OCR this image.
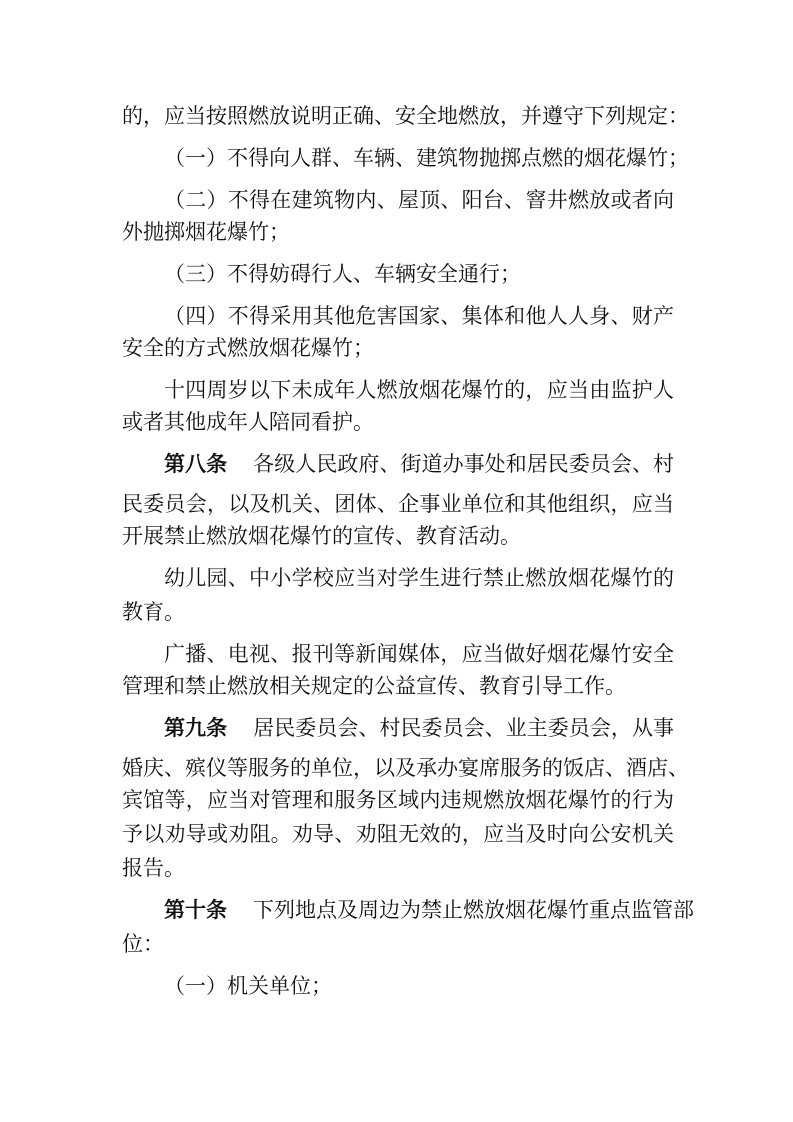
的，应当按照燃放说明正确、安全地燃放，并遵守下列规定：
（一）不得向人群、车辆、建筑物抛掷点燃的烟花爆竹；
（二）不得在建筑物内、屋顶、阳台、窨井燃放或者向
外抛掷烟花爆竹；
（三）不得妨碍行人、车辆安全通行；
（四）不得采用其他危害国家、集体和他人人身、财产
安全的方式燃放烟花爆竹；
十四周岁以下未成年人燃放烟花爆竹的，应当由监护人
或者其他成年人陪同看护。
第八条 各级人民政府、街道办事处和居民委员会、村
民委员会，以及机关、团体、企事业单位和其他组织，应当
开展禁止燃放烟花爆竹的宣传、教育活动。
幼儿园、中小学校应当对学生进行禁止燃放烟花爆竹的
教育。
广播、电视、报刊等新闻媒体，应当做好烟花爆竹安全
管理和禁止燃放相关规定的公益宣传、教育引导工作。
第九条 居民委员会、村民委员会、业主委员会，从事
婚庆、殡仪等服务的单位，以及承办宴席服务的饭店、酒店、
宾馆等，应当对管理和服务区域内违规燃放烟花爆竹的行为
予以劝导或劝阻。劝导、劝阻无效的，应当及时向公安机关
报告。
第十条 下列地点及周边为禁止燃放烟花爆竹重点监管部
位：
（一）机关单位；
